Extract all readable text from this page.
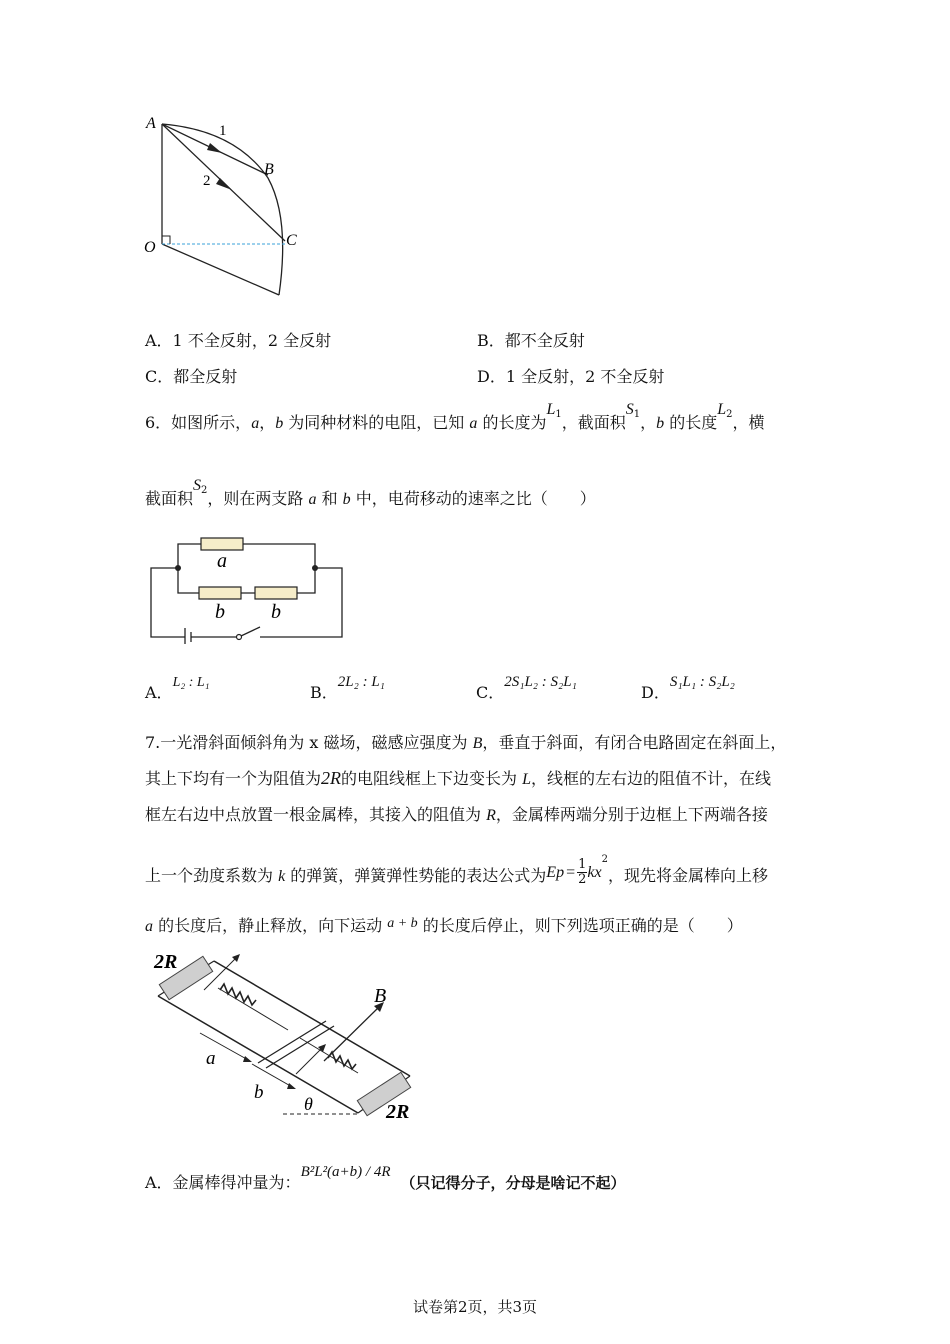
A
B
C
O
1
2
A．1 不全反射，2 全反射	B．都不全反射
C．都全反射	D．1 全反射，2 不全反射
6．如图所示，a，b 为同种材料的电阻，已知 a 的长度为$L_1$，截面积$S_1$，b 的长度$L_2$，横
截面积$S_2$，则在两支路 a 和 b 中，电荷移动的速率之比（　　）
a
b b
A．L₂ : L₁
B．2L₂ : L₁
C．2S₁L₂ : S₂L₁
D．S₁L₁ : S₂L₂
7.一光滑斜面倾斜角为 x 磁场，磁感应强度为 B，垂直于斜面，有闭合电路固定在斜面上，
其上下均有一个为阻值为2R的电阻线框上下边变长为 L，线框的左右边的阻值不计，在线
框左右边中点放置一根金属棒，其接入的阻值为 R，金属棒两端分别于边框上下两端各接
上一个劲度系数为 k 的弹簧，弹簧弹性势能的表达公式为$Ep = \frac{1}{2} kx^2$，现先将金属棒向上移
a 的长度后，静止释放，向下运动 a + b 的长度后停止，则下列选项正确的是（　　）
B
2R
2R
a
b
θ
A．金属棒得冲量为：B²L²(a+b) / 4R（只记得分子，分母是啥记不起）
试卷第2页，共3页
